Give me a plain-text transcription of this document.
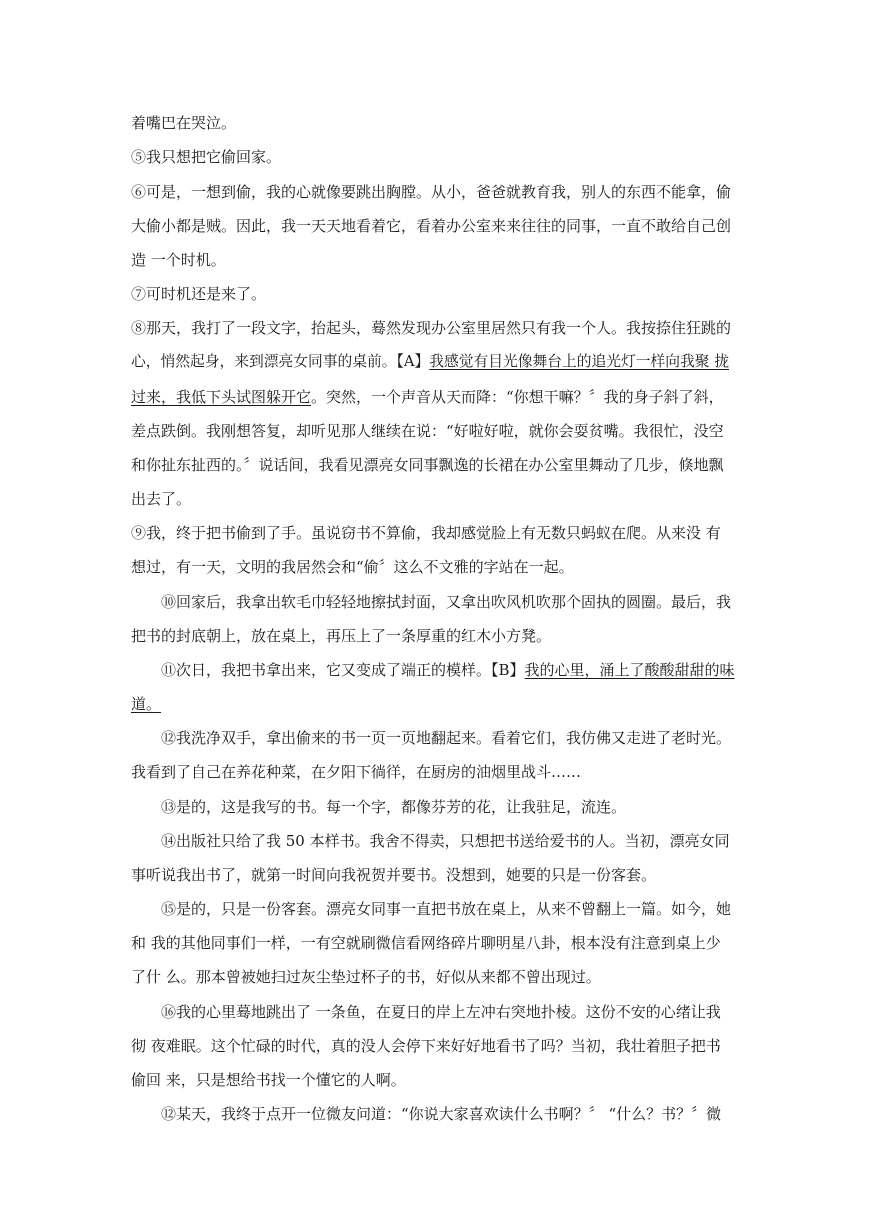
着嘴巴在哭泣。
⑤我只想把它偷回家。
⑥可是，一想到偷，我的心就像要跳出胸膛。从小，爸爸就教育我，别人的东西不能拿，偷
大偷小都是贼。因此，我一天天地看着它，看着办公室来来往往的同事，一直不敢给自己创
造 一个时机。
⑦可时机还是来了。
⑧那天，我打了一段文字，抬起头，蓦然发现办公室里居然只有我一个人。我按捺住狂跳的
心，悄然起身，来到漂亮女同事的桌前。【A】我感觉有目光像舞台上的追光灯一样向我聚 拢
过来，我低下头试图躲开它。突然，一个声音从天而降：“你想干嘛？〞我的身子斜了斜，
差点跌倒。我刚想答复，却听见那人继续在说：“好啦好啦，就你会耍贫嘴。我很忙，没空
和你扯东扯西的。〞说话间，我看见漂亮女同事飘逸的长裙在办公室里舞动了几步，倏地飘
出去了。
⑨我，终于把书偷到了手。虽说窃书不算偷，我却感觉脸上有无数只蚂蚁在爬。从来没 有
想过，有一天，文明的我居然会和“偷〞这么不文雅的字站在一起。
⑩回家后，我拿出软毛巾轻轻地擦拭封面，又拿出吹风机吹那个固执的圆圈。最后，我
把书的封底朝上，放在桌上，再压上了一条厚重的红木小方凳。
⑪次日，我把书拿出来，它又变成了端正的模样。【B】我的心里，涌上了酸酸甜甜的味
道。
⑫我洗净双手，拿出偷来的书一页一页地翻起来。看着它们，我仿佛又走进了老时光。
我看到了自己在养花种菜，在夕阳下徜徉，在厨房的油烟里战斗……
⑬是的，这是我写的书。每一个字，都像芬芳的花，让我驻足，流连。
⑭出版社只给了我 50 本样书。我舍不得卖，只想把书送给爱书的人。当初，漂亮女同
事听说我出书了，就第一时间向我祝贺并要书。没想到，她要的只是一份客套。
⑮是的，只是一份客套。漂亮女同事一直把书放在桌上，从来不曾翻上一篇。如今，她
和 我的其他同事们一样，一有空就刷微信看网络碎片聊明星八卦，根本没有注意到桌上少
了什 么。那本曾被她扫过灰尘垫过杯子的书，好似从来都不曾出现过。
⑯我的心里蓦地跳出了 一条鱼，在夏日的岸上左冲右突地扑棱。这份不安的心绪让我
彻 夜难眠。这个忙碌的时代，真的没人会停下来好好地看书了吗？当初，我壮着胆子把书
偷回 来，只是想给书找一个懂它的人啊。
⑫某天，我终于点开一位微友问道：“你说大家喜欢读什么书啊？〞 “什么？书？〞微
